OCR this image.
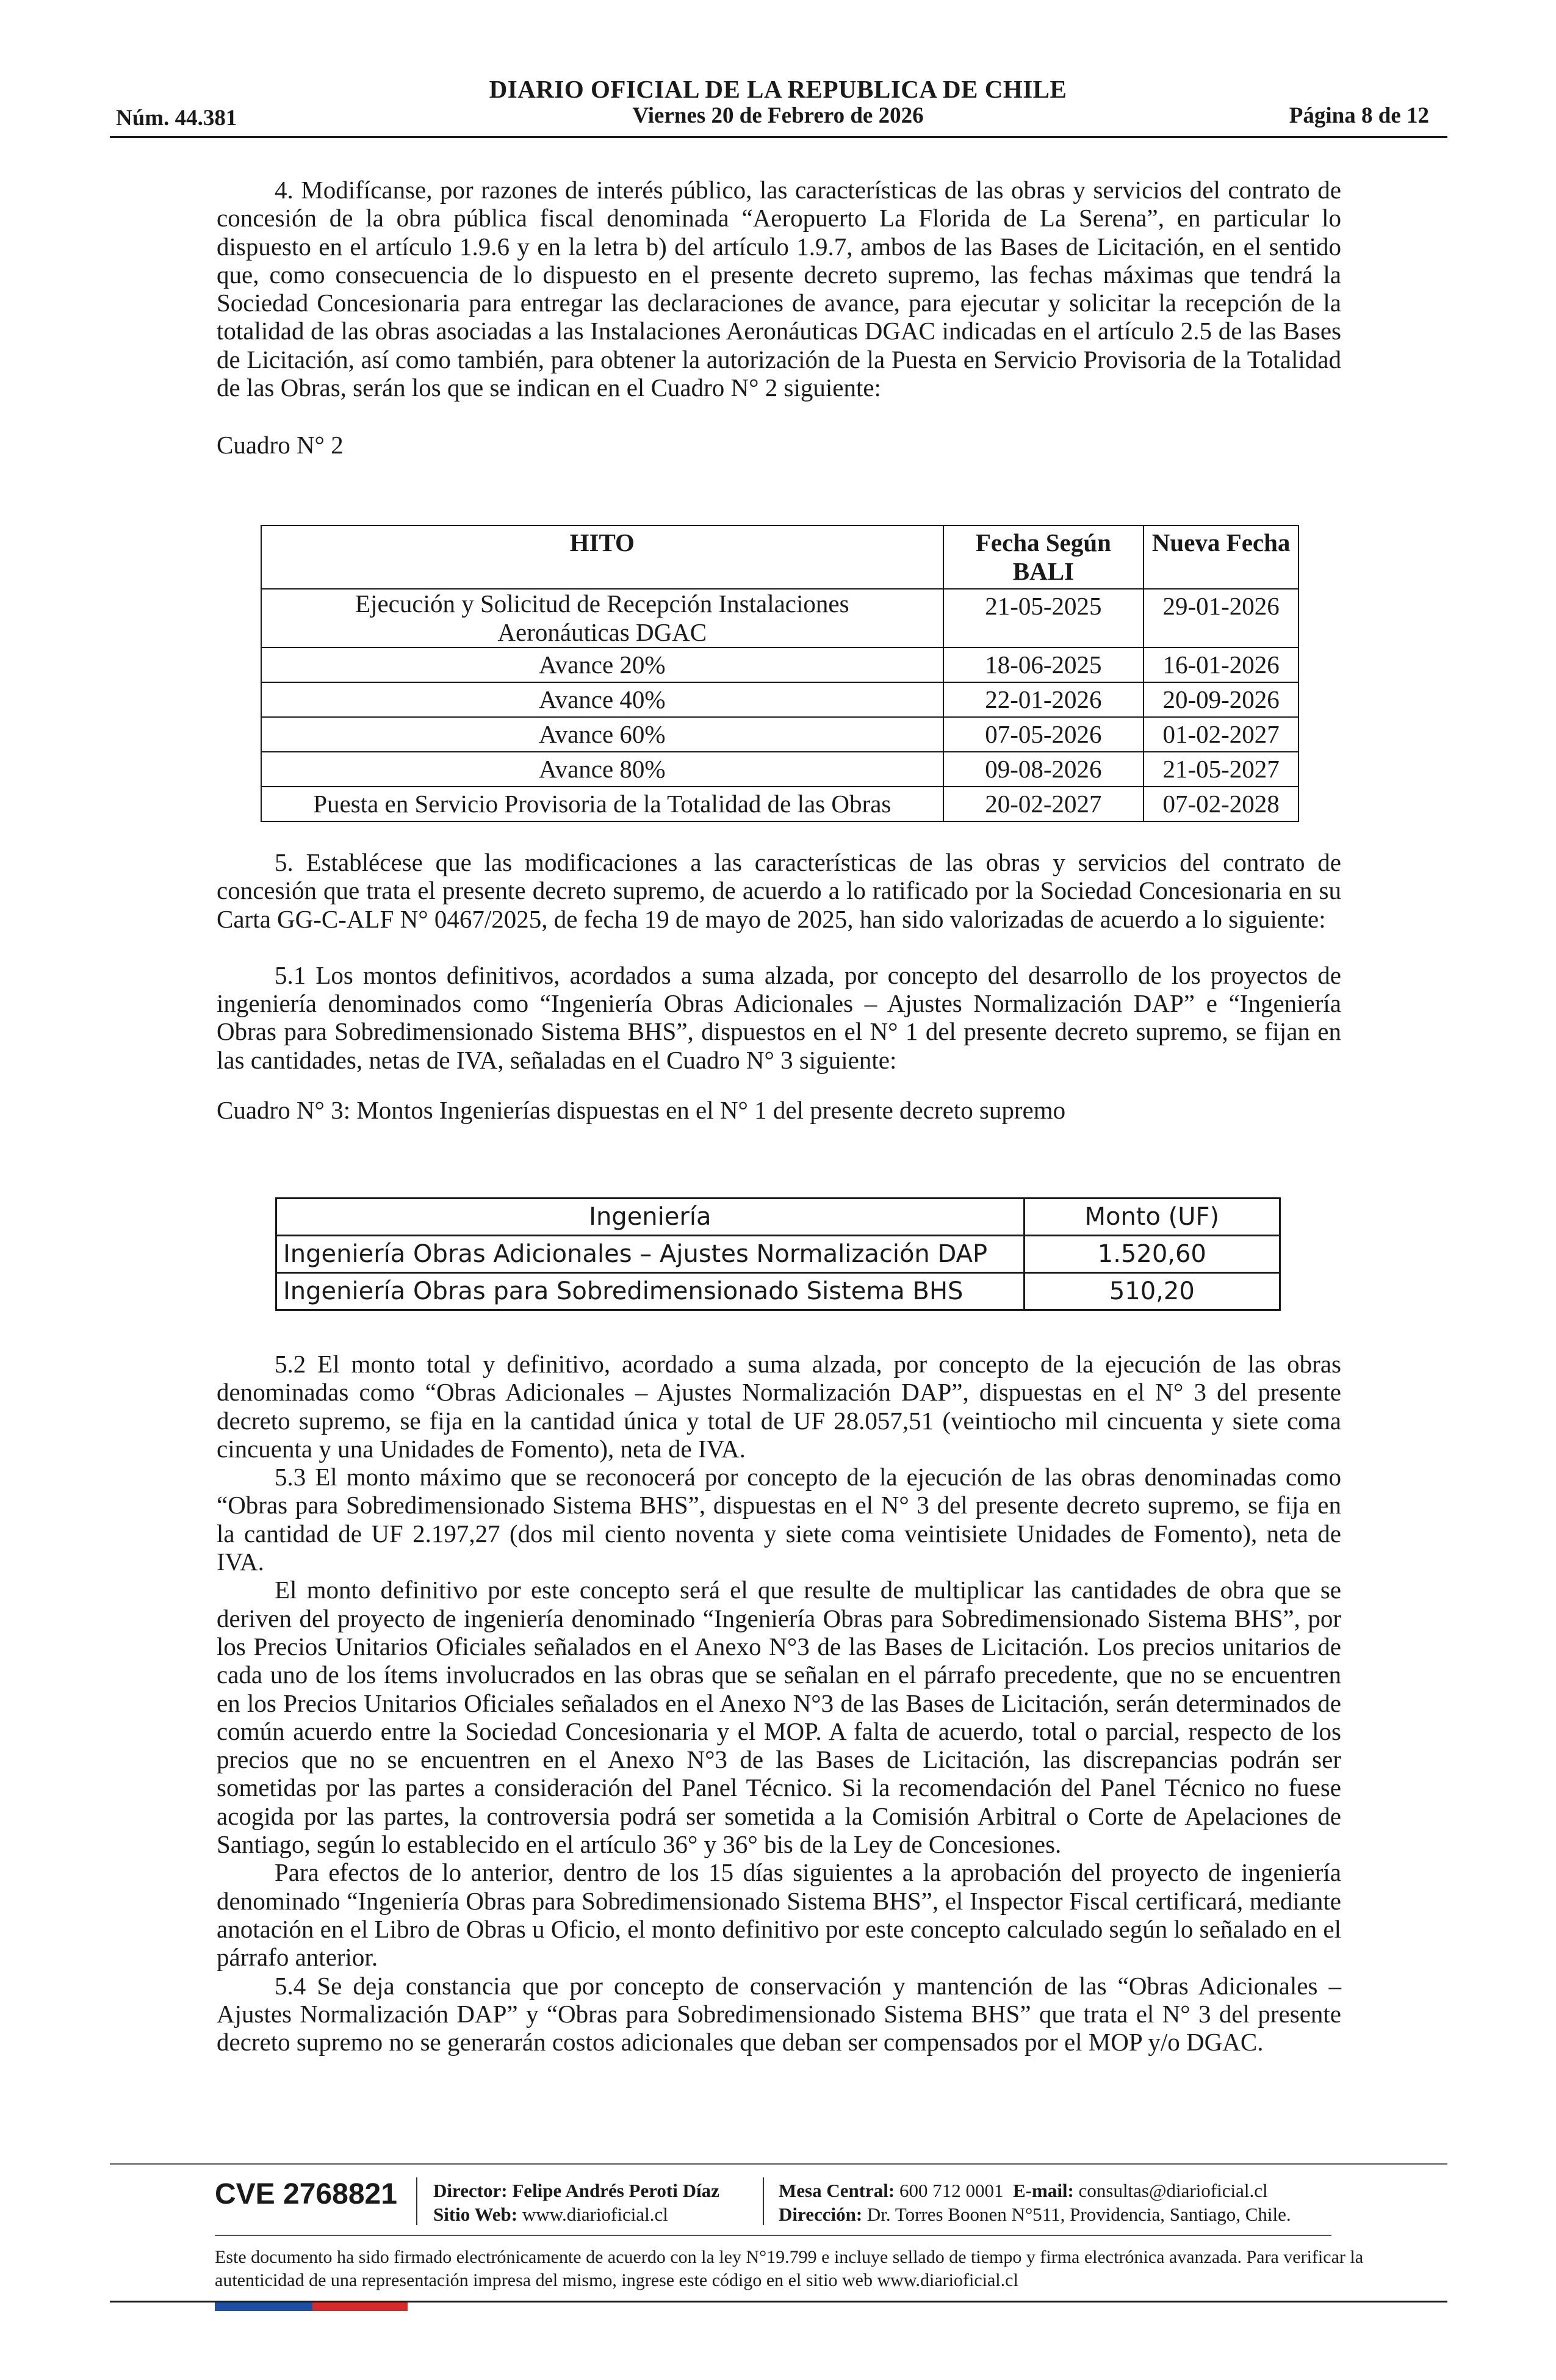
DIARIO OFICIAL DE LA REPUBLICA DE CHILE
Núm. 44.381	Viernes 20 de Febrero de 2026	Página 8 de 12

4. Modifícanse, por razones de interés público, las características de las obras y servicios del contrato de concesión de la obra pública fiscal denominada “Aeropuerto La Florida de La Serena”, en particular lo dispuesto en el artículo 1.9.6 y en la letra b) del artículo 1.9.7, ambos de las Bases de Licitación, en el sentido que, como consecuencia de lo dispuesto en el presente decreto supremo, las fechas máximas que tendrá la Sociedad Concesionaria para entregar las declaraciones de avance, para ejecutar y solicitar la recepción de la totalidad de las obras asociadas a las Instalaciones Aeronáuticas DGAC indicadas en el artículo 2.5 de las Bases de Licitación, así como también, para obtener la autorización de la Puesta en Servicio Provisoria de la Totalidad de las Obras, serán los que se indican en el Cuadro N° 2 siguiente:

Cuadro N° 2

HITO	Fecha Según BALI	Nueva Fecha
Ejecución y Solicitud de Recepción Instalaciones Aeronáuticas DGAC	21-05-2025	29-01-2026
Avance 20%	18-06-2025	16-01-2026
Avance 40%	22-01-2026	20-09-2026
Avance 60%	07-05-2026	01-02-2027
Avance 80%	09-08-2026	21-05-2027
Puesta en Servicio Provisoria de la Totalidad de las Obras	20-02-2027	07-02-2028

5. Establécese que las modificaciones a las características de las obras y servicios del contrato de concesión que trata el presente decreto supremo, de acuerdo a lo ratificado por la Sociedad Concesionaria en su Carta GG-C-ALF N° 0467/2025, de fecha 19 de mayo de 2025, han sido valorizadas de acuerdo a lo siguiente:

5.1 Los montos definitivos, acordados a suma alzada, por concepto del desarrollo de los proyectos de ingeniería denominados como “Ingeniería Obras Adicionales – Ajustes Normalización DAP” e “Ingeniería Obras para Sobredimensionado Sistema BHS”, dispuestos en el N° 1 del presente decreto supremo, se fijan en las cantidades, netas de IVA, señaladas en el Cuadro N° 3 siguiente:

Cuadro N° 3: Montos Ingenierías dispuestas en el N° 1 del presente decreto supremo

Ingeniería	Monto (UF)
Ingeniería Obras Adicionales – Ajustes Normalización DAP	1.520,60
Ingeniería Obras para Sobredimensionado Sistema BHS	510,20

5.2 El monto total y definitivo, acordado a suma alzada, por concepto de la ejecución de las obras denominadas como “Obras Adicionales – Ajustes Normalización DAP”, dispuestas en el N° 3 del presente decreto supremo, se fija en la cantidad única y total de UF 28.057,51 (veintiocho mil cincuenta y siete coma cincuenta y una Unidades de Fomento), neta de IVA.

5.3 El monto máximo que se reconocerá por concepto de la ejecución de las obras denominadas como “Obras para Sobredimensionado Sistema BHS”, dispuestas en el N° 3 del presente decreto supremo, se fija en la cantidad de UF 2.197,27 (dos mil ciento noventa y siete coma veintisiete Unidades de Fomento), neta de IVA.

El monto definitivo por este concepto será el que resulte de multiplicar las cantidades de obra que se deriven del proyecto de ingeniería denominado “Ingeniería Obras para Sobredimensionado Sistema BHS”, por los Precios Unitarios Oficiales señalados en el Anexo N°3 de las Bases de Licitación. Los precios unitarios de cada uno de los ítems involucrados en las obras que se señalan en el párrafo precedente, que no se encuentren en los Precios Unitarios Oficiales señalados en el Anexo N°3 de las Bases de Licitación, serán determinados de común acuerdo entre la Sociedad Concesionaria y el MOP. A falta de acuerdo, total o parcial, respecto de los precios que no se encuentren en el Anexo N°3 de las Bases de Licitación, las discrepancias podrán ser sometidas por las partes a consideración del Panel Técnico. Si la recomendación del Panel Técnico no fuese acogida por las partes, la controversia podrá ser sometida a la Comisión Arbitral o Corte de Apelaciones de Santiago, según lo establecido en el artículo 36° y 36° bis de la Ley de Concesiones.

Para efectos de lo anterior, dentro de los 15 días siguientes a la aprobación del proyecto de ingeniería denominado “Ingeniería Obras para Sobredimensionado Sistema BHS”, el Inspector Fiscal certificará, mediante anotación en el Libro de Obras u Oficio, el monto definitivo por este concepto calculado según lo señalado en el párrafo anterior.

5.4 Se deja constancia que por concepto de conservación y mantención de las “Obras Adicionales – Ajustes Normalización DAP” y “Obras para Sobredimensionado Sistema BHS” que trata el N° 3 del presente decreto supremo no se generarán costos adicionales que deban ser compensados por el MOP y/o DGAC.

CVE 2768821 Director: Felipe Andrés Peroti Díaz
Sitio Web: www.diarioficial.cl
Mesa Central: 600 712 0001 E-mail: consultas@diarioficial.cl
Dirección: Dr. Torres Boonen N°511, Providencia, Santiago, Chile.
Este documento ha sido firmado electrónicamente de acuerdo con la ley N°19.799 e incluye sellado de tiempo y firma electrónica avanzada. Para verificar la autenticidad de una representación impresa del mismo, ingrese este código en el sitio web www.diarioficial.cl
